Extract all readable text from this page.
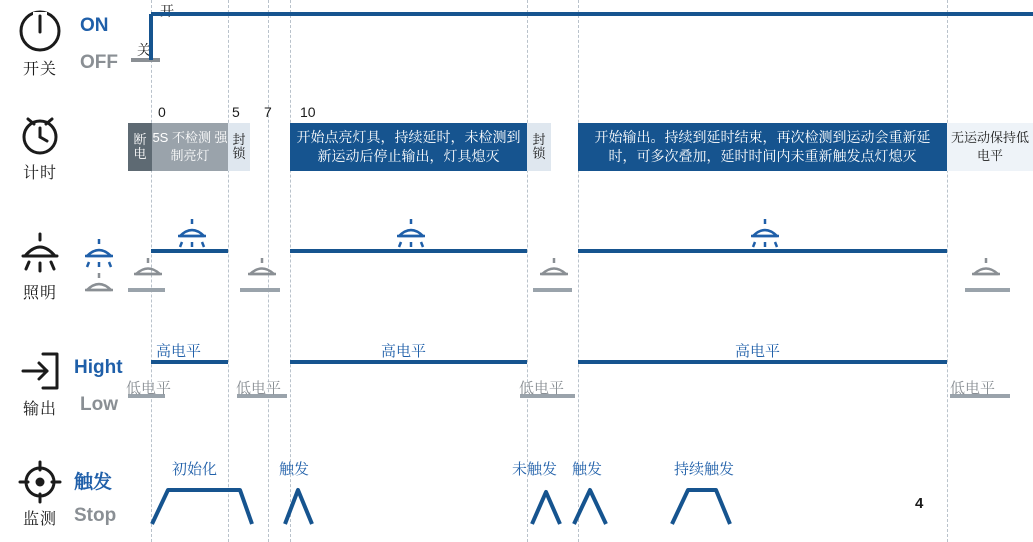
开关
ON
OFF
开
关
计时
0	5 7 10
断电
5S 不检测 强制亮灯
封锁
开始点亮灯具，持续延时，未检测到新运动后停止输出，灯具熄灭
封锁
开始输出。持续到延时结束，再次检测到运动会重新延时，可多次叠加，延时时间内未重新触发点灯熄灭
无运动保持低电平
照明
输出
Hight
Low
高电平	高电平	高电平
低电平	低电平	低电平	低电平
监测
触发
Stop
初始化	触发	未触发 触发	持续触发
4
